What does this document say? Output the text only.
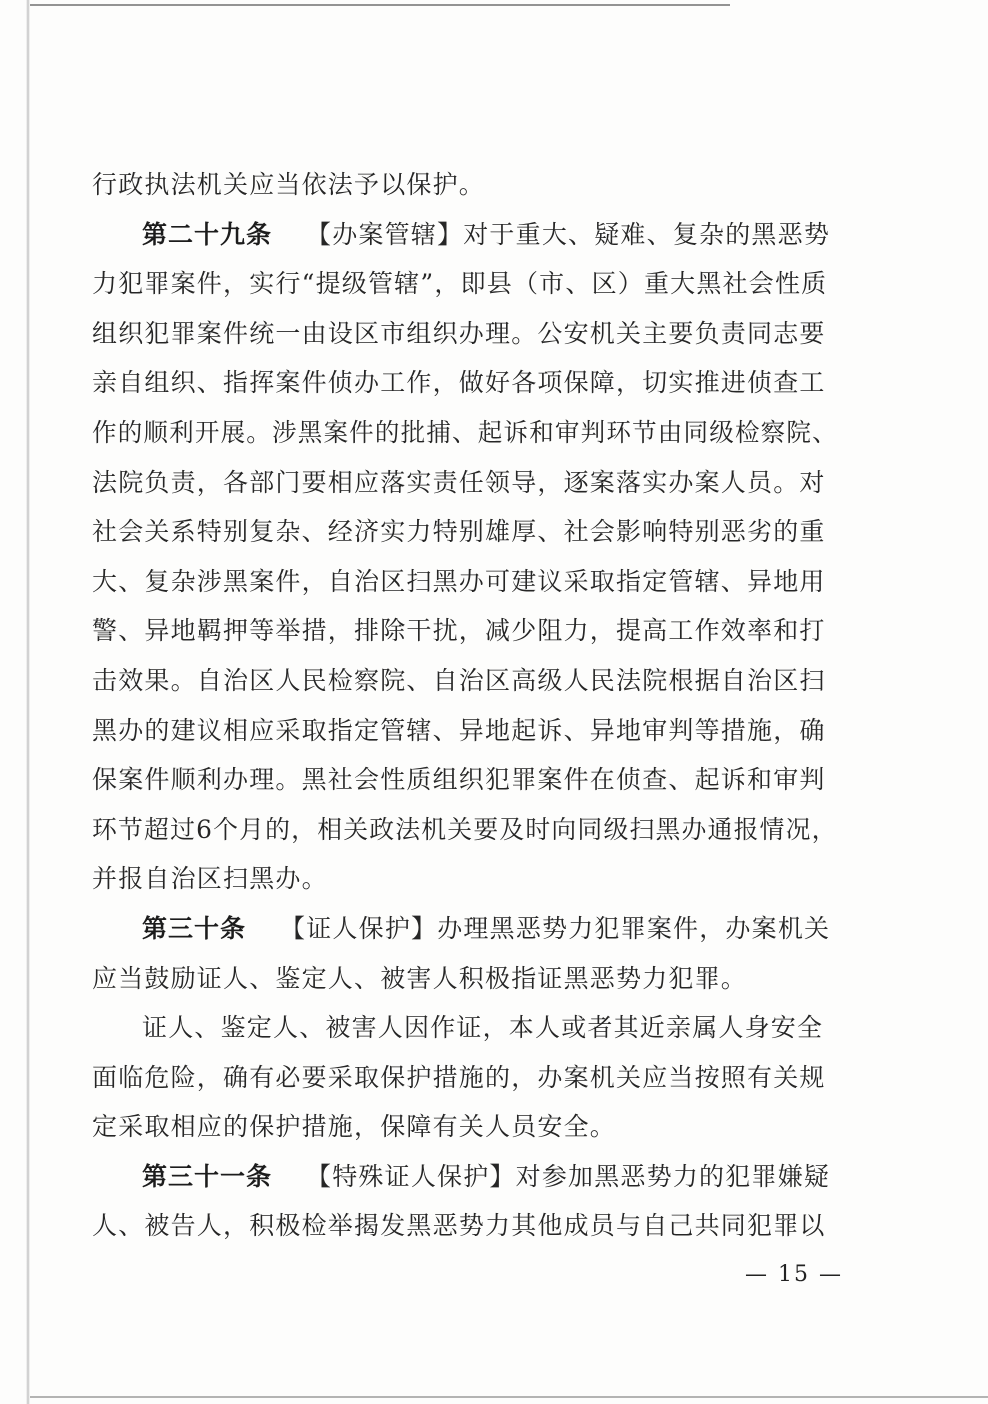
行政执法机关应当依法予以保护。
第二十九条 【办案管辖】对于重大、疑难、复杂的黑恶势
力犯罪案件，实行“提级管辖”，即县（市、区）重大黑社会性质
组织犯罪案件统一由设区市组织办理。公安机关主要负责同志要
亲自组织、指挥案件侦办工作，做好各项保障，切实推进侦查工
作的顺利开展。涉黑案件的批捕、起诉和审判环节由同级检察院、
法院负责，各部门要相应落实责任领导，逐案落实办案人员。对
社会关系特别复杂、经济实力特别雄厚、社会影响特别恶劣的重
大、复杂涉黑案件，自治区扫黑办可建议采取指定管辖、异地用
警、异地羁押等举措，排除干扰，减少阻力，提高工作效率和打
击效果。自治区人民检察院、自治区高级人民法院根据自治区扫
黑办的建议相应采取指定管辖、异地起诉、异地审判等措施，确
保案件顺利办理。黑社会性质组织犯罪案件在侦查、起诉和审判
环节超过6个月的，相关政法机关要及时向同级扫黑办通报情况，
并报自治区扫黑办。
第三十条 【证人保护】办理黑恶势力犯罪案件，办案机关
应当鼓励证人、鉴定人、被害人积极指证黑恶势力犯罪。
证人、鉴定人、被害人因作证，本人或者其近亲属人身安全
面临危险，确有必要采取保护措施的，办案机关应当按照有关规
定采取相应的保护措施，保障有关人员安全。
第三十一条 【特殊证人保护】对参加黑恶势力的犯罪嫌疑
人、被告人，积极检举揭发黑恶势力其他成员与自己共同犯罪以
— 15 —
